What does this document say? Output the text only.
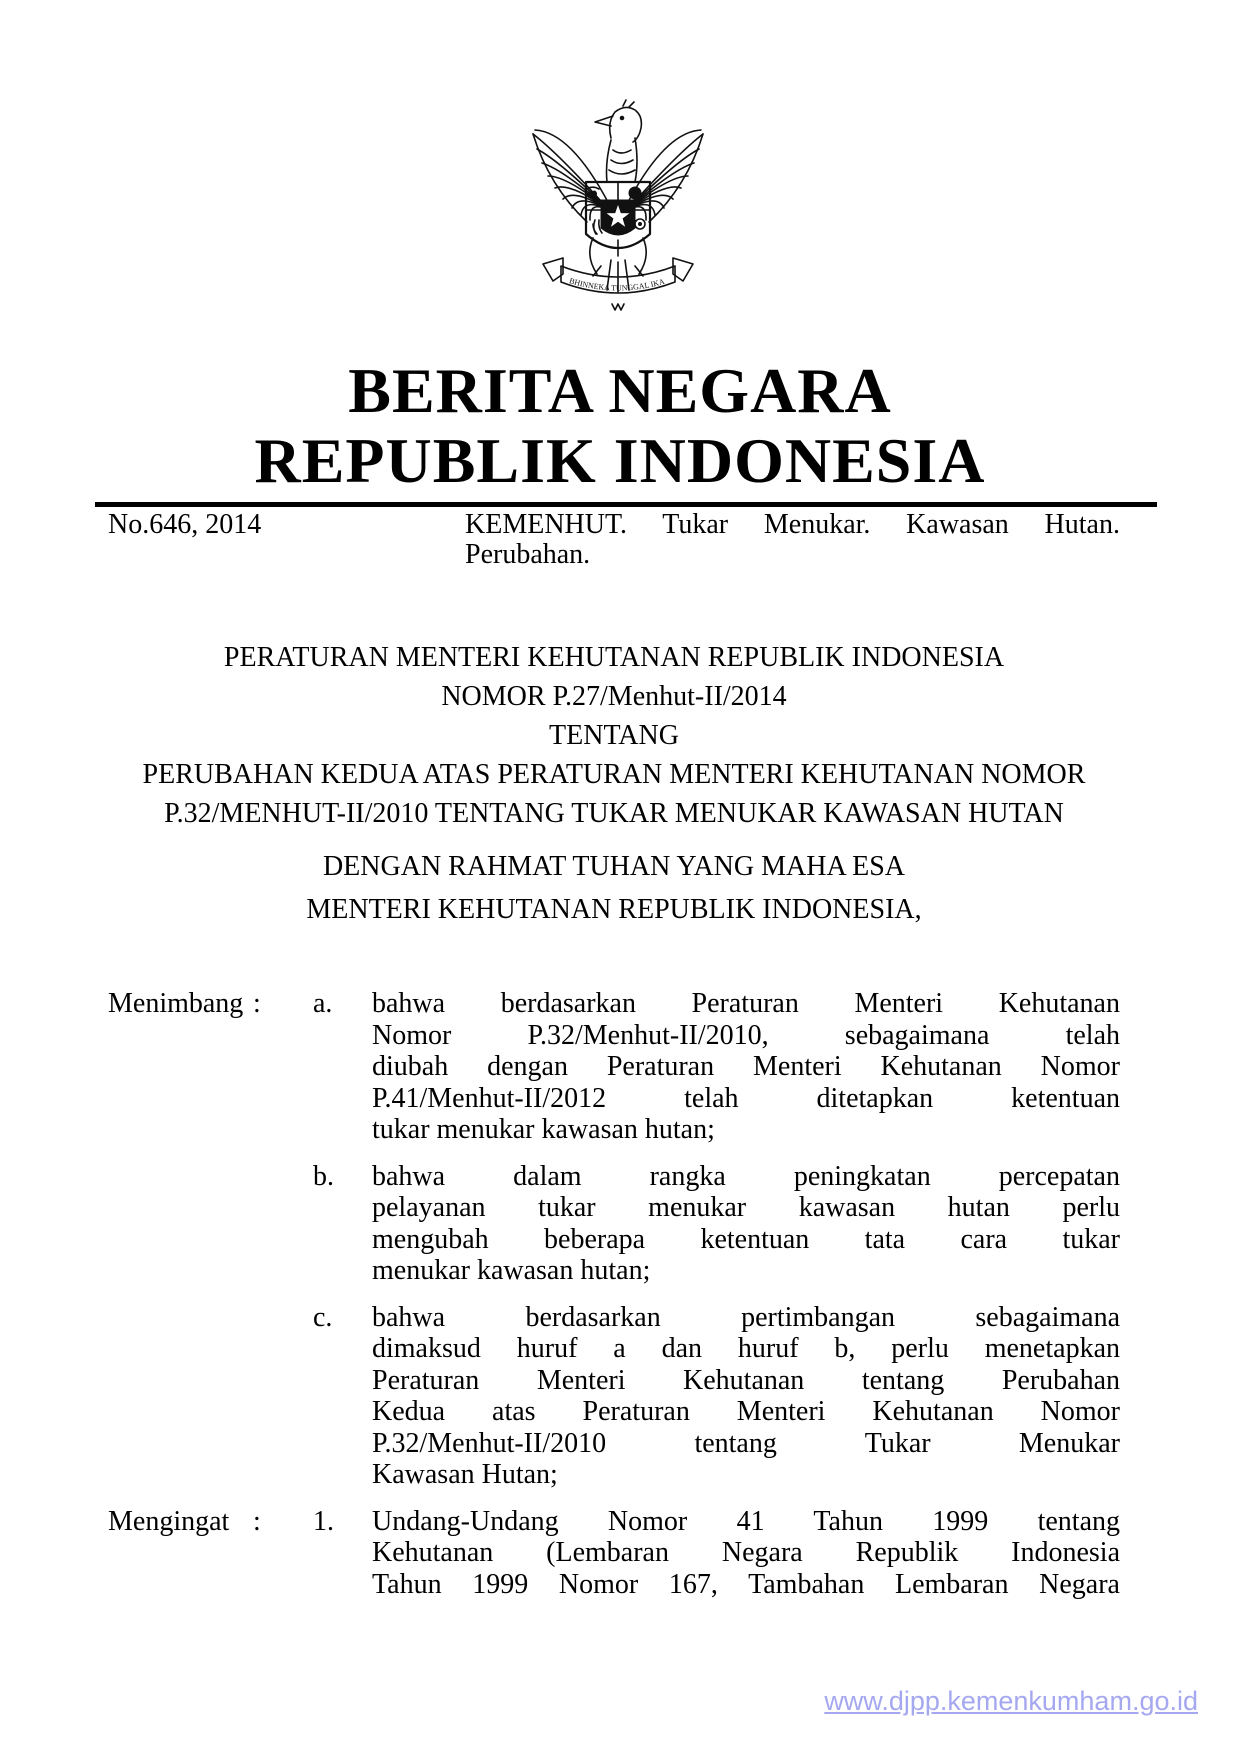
BHINNEKA TUNGGAL IKA
BERITA NEGARA
REPUBLIK INDONESIA
No.646, 2014	KEMENHUT. Tukar Menukar. Kawasan Hutan.
Perubahan.
PERATURAN MENTERI KEHUTANAN REPUBLIK INDONESIA
NOMOR P.27/Menhut-II/2014
TENTANG
PERUBAHAN KEDUA ATAS PERATURAN MENTERI KEHUTANAN NOMOR
P.32/MENHUT-II/2010 TENTANG TUKAR MENUKAR KAWASAN HUTAN
DENGAN RAHMAT TUHAN YANG MAHA ESA
MENTERI KEHUTANAN REPUBLIK INDONESIA,
Menimbang :	a.	bahwa berdasarkan Peraturan Menteri Kehutanan
Nomor P.32/Menhut-II/2010, sebagaimana telah
diubah dengan Peraturan Menteri Kehutanan Nomor
P.41/Menhut-II/2012 telah ditetapkan ketentuan
tukar menukar kawasan hutan;
b.	bahwa dalam rangka peningkatan percepatan
pelayanan tukar menukar kawasan hutan perlu
mengubah beberapa ketentuan tata cara tukar
menukar kawasan hutan;
c.	bahwa berdasarkan pertimbangan sebagaimana
dimaksud huruf a dan huruf b, perlu menetapkan
Peraturan Menteri Kehutanan tentang Perubahan
Kedua atas Peraturan Menteri Kehutanan Nomor
P.32/Menhut-II/2010 tentang Tukar Menukar
Kawasan Hutan;
Mengingat :	1.	Undang-Undang Nomor 41 Tahun 1999 tentang
Kehutanan (Lembaran Negara Republik Indonesia
Tahun 1999 Nomor 167, Tambahan Lembaran Negara
www.djpp.kemenkumham.go.id
